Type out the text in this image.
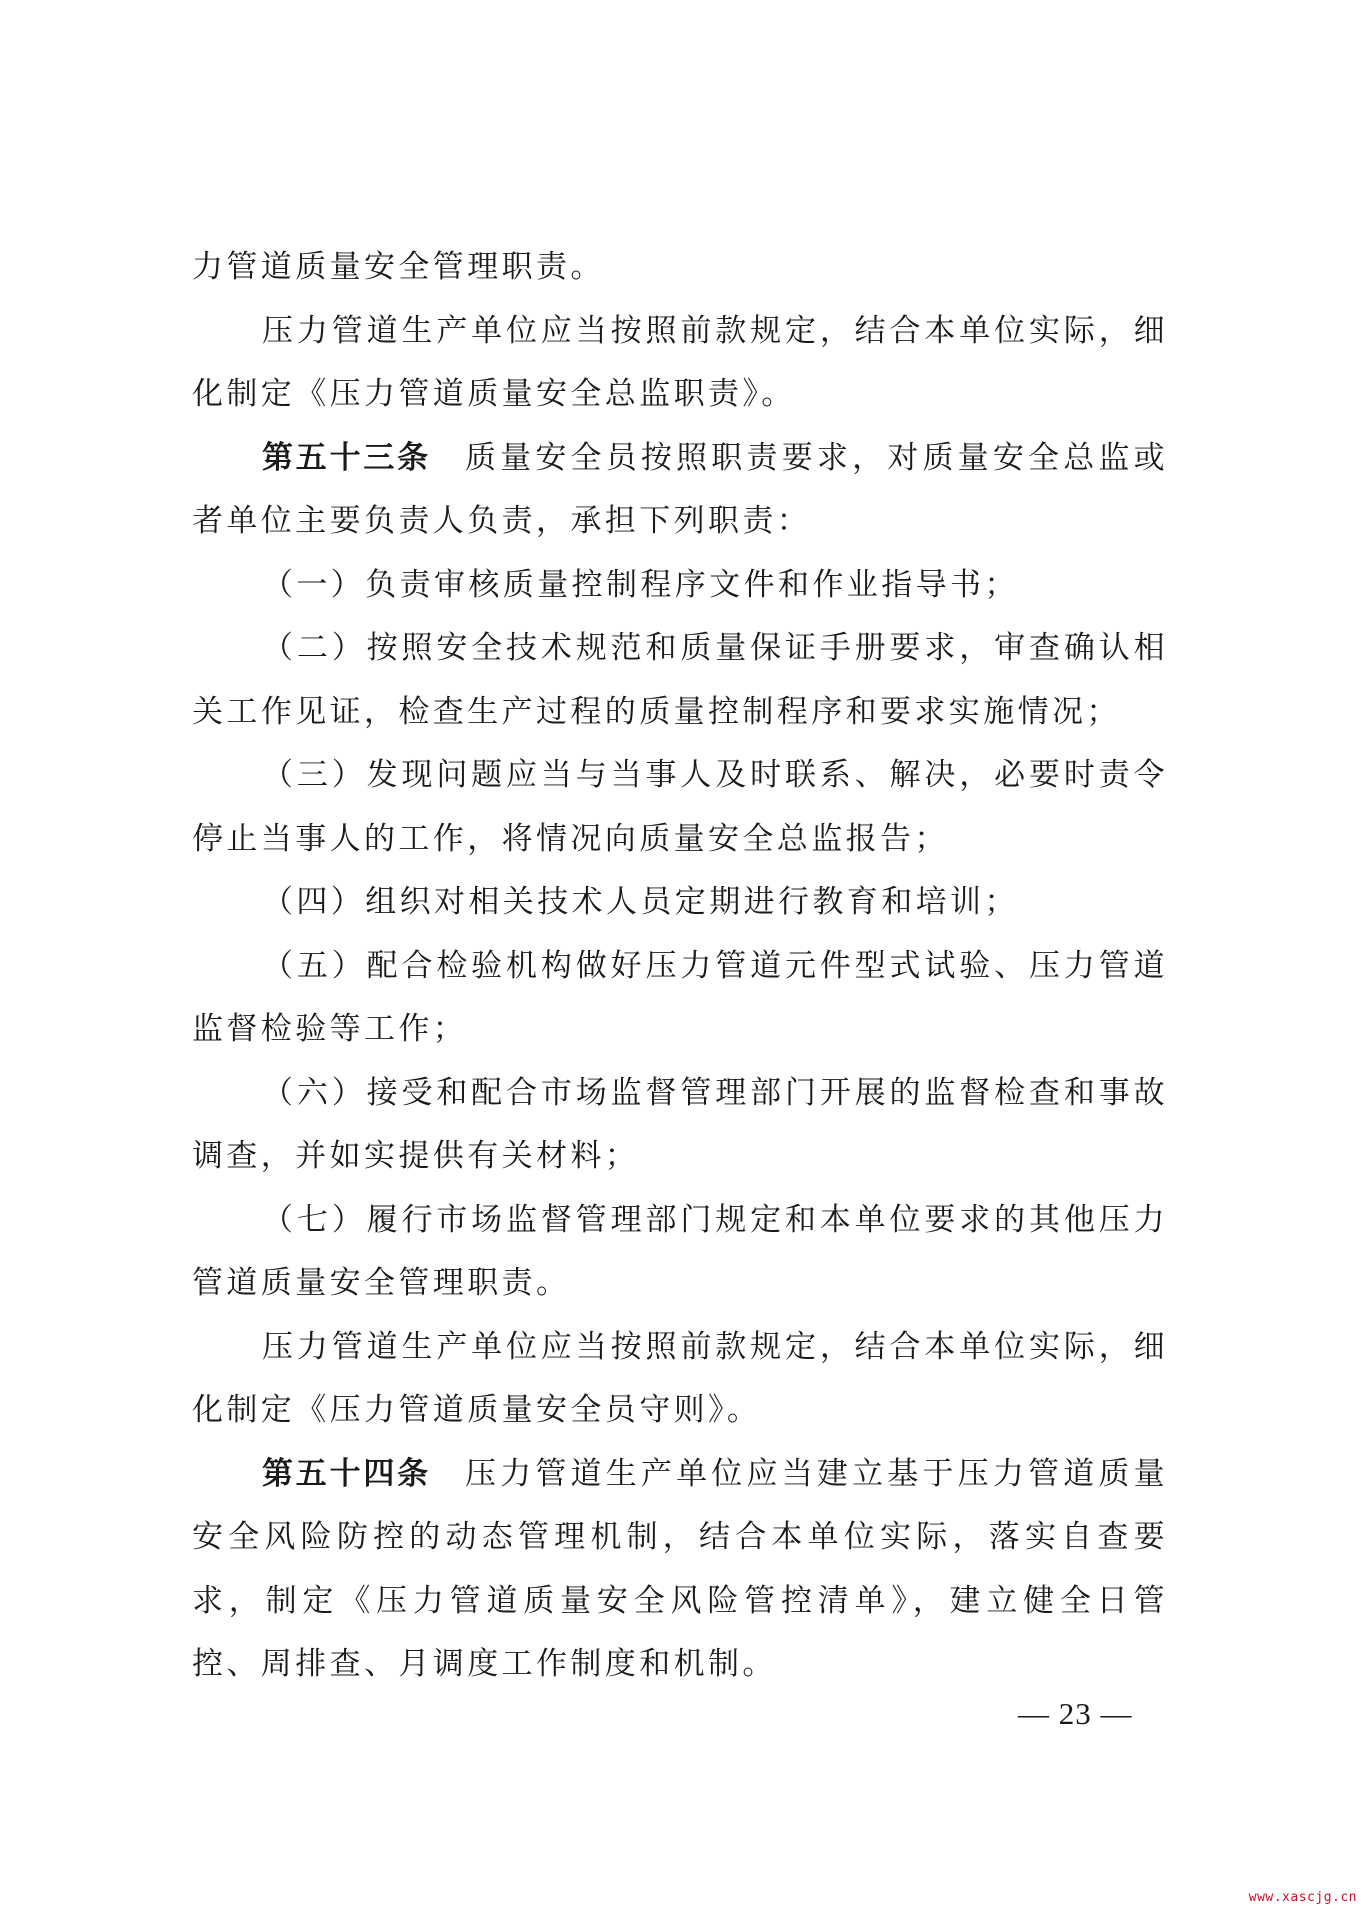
力管道质量安全管理职责。

压力管道生产单位应当按照前款规定，结合本单位实际，细化制定《压力管道质量安全总监职责》。

第五十三条 质量安全员按照职责要求，对质量安全总监或者单位主要负责人负责，承担下列职责：

（一）负责审核质量控制程序文件和作业指导书；

（二）按照安全技术规范和质量保证手册要求，审查确认相关工作见证，检查生产过程的质量控制程序和要求实施情况；

（三）发现问题应当与当事人及时联系、解决，必要时责令停止当事人的工作，将情况向质量安全总监报告；

（四）组织对相关技术人员定期进行教育和培训；

（五）配合检验机构做好压力管道元件型式试验、压力管道监督检验等工作；

（六）接受和配合市场监督管理部门开展的监督检查和事故调查，并如实提供有关材料；

（七）履行市场监督管理部门规定和本单位要求的其他压力管道质量安全管理职责。

压力管道生产单位应当按照前款规定，结合本单位实际，细化制定《压力管道质量安全员守则》。

第五十四条 压力管道生产单位应当建立基于压力管道质量安全风险防控的动态管理机制，结合本单位实际，落实自查要求，制定《压力管道质量安全风险管控清单》，建立健全日管控、周排查、月调度工作制度和机制。

— 23 —
www.xascjg.cn
